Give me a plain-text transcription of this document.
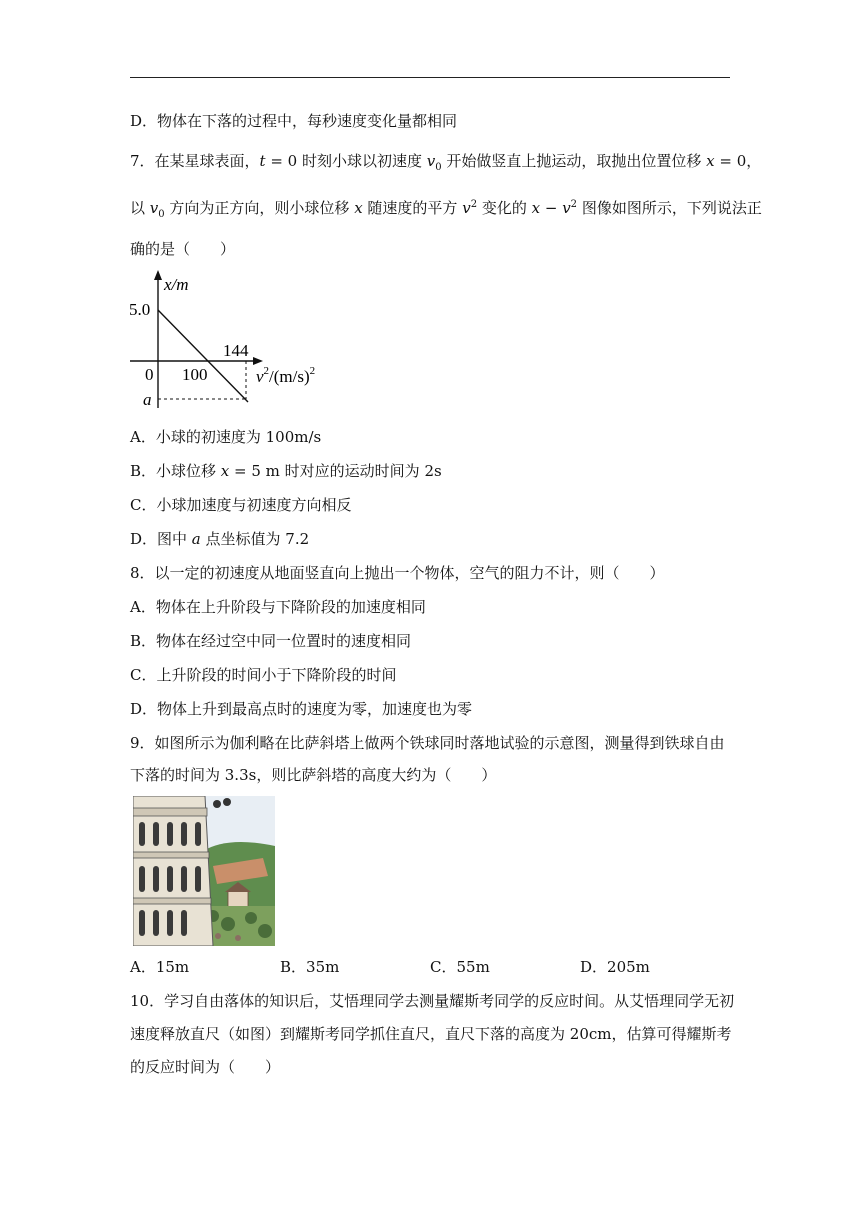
D．物体在下落的过程中，每秒速度变化量都相同
7．在某星球表面，t = 0 时刻小球以初速度 $v_0$ 开始做竖直上抛运动，取抛出位置位移 x = 0，
以 $v_0$ 方向为正方向，则小球位移 x 随速度的平方 $v^2$ 变化的 $x - v^2$ 图像如图所示，下列说法正
确的是（　　）
x/m
5.0
144
0 100	$v^2/(m/s)^2$
a
A．小球的初速度为 100m/s
B．小球位移 x = 5 m 时对应的运动时间为 2s
C．小球加速度与初速度方向相反
D．图中 a 点坐标值为 7.2
8．以一定的初速度从地面竖直向上抛出一个物体，空气的阻力不计，则（　　）
A．物体在上升阶段与下降阶段的加速度相同
B．物体在经过空中同一位置时的速度相同
C．上升阶段的时间小于下降阶段的时间
D．物体上升到最高点时的速度为零，加速度也为零
9．如图所示为伽利略在比萨斜塔上做两个铁球同时落地试验的示意图，测量得到铁球自由
下落的时间为 3.3s，则比萨斜塔的高度大约为（　　）
A．15m	B．35m	C．55m	D．205m
10．学习自由落体的知识后，艾悟理同学去测量耀斯考同学的反应时间。从艾悟理同学无初
速度释放直尺（如图）到耀斯考同学抓住直尺，直尺下落的高度为 20cm，估算可得耀斯考
的反应时间为（　　）
